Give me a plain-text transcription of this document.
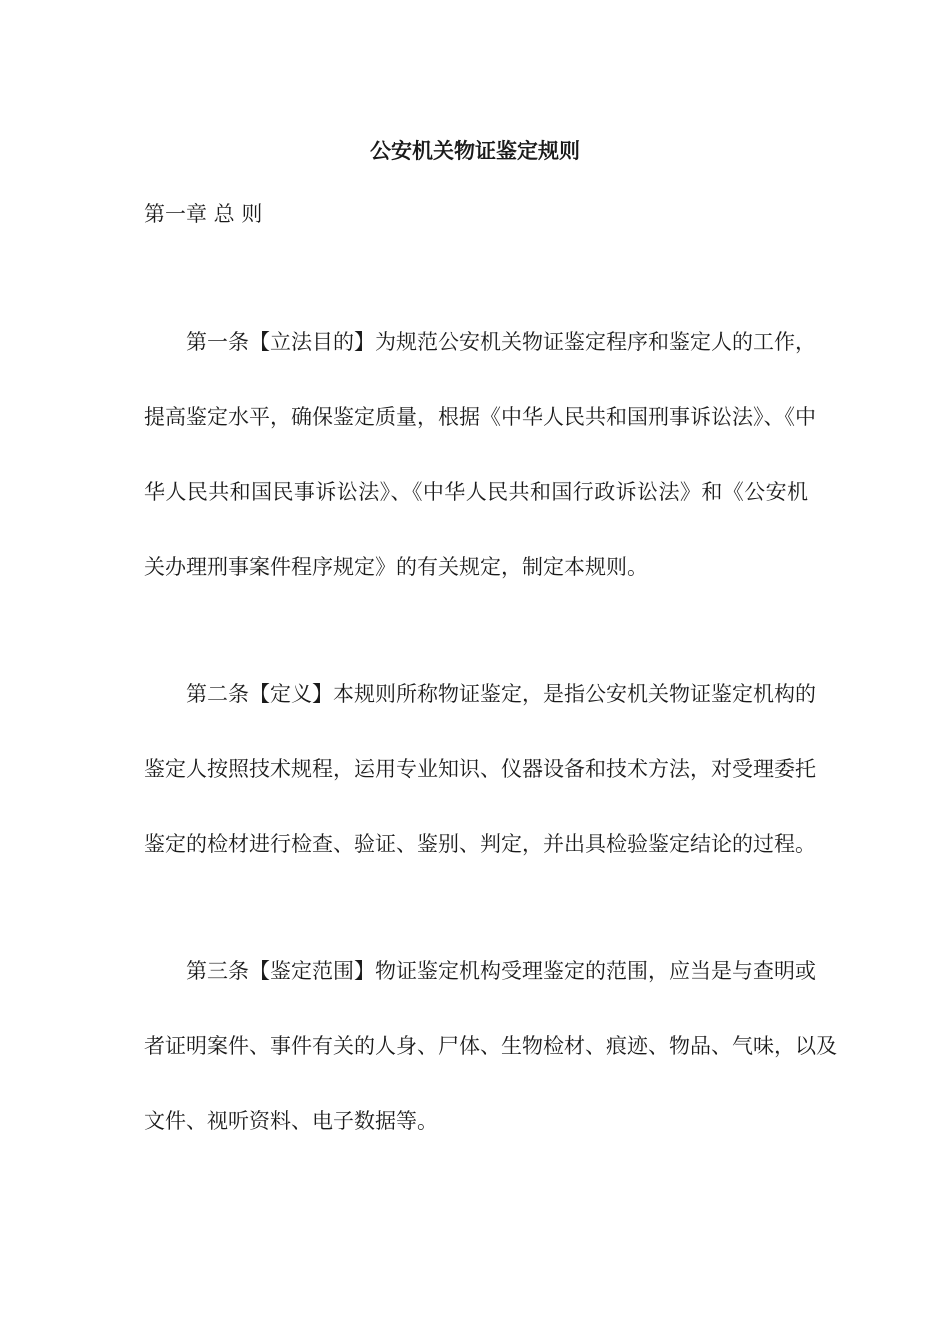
公安机关物证鉴定规则
第一章 总 则
第一条【立法目的】为规范公安机关物证鉴定程序和鉴定人的工作，
提高鉴定水平，确保鉴定质量，根据《中华人民共和国刑事诉讼法》、《中
华人民共和国民事诉讼法》、《中华人民共和国行政诉讼法》和《公安机
关办理刑事案件程序规定》的有关规定，制定本规则。
第二条【定义】本规则所称物证鉴定，是指公安机关物证鉴定机构的
鉴定人按照技术规程，运用专业知识、仪器设备和技术方法，对受理委托
鉴定的检材进行检查、验证、鉴别、判定，并出具检验鉴定结论的过程。
第三条【鉴定范围】物证鉴定机构受理鉴定的范围，应当是与查明或
者证明案件、事件有关的人身、尸体、生物检材、痕迹、物品、气味，以及
文件、视听资料、电子数据等。
